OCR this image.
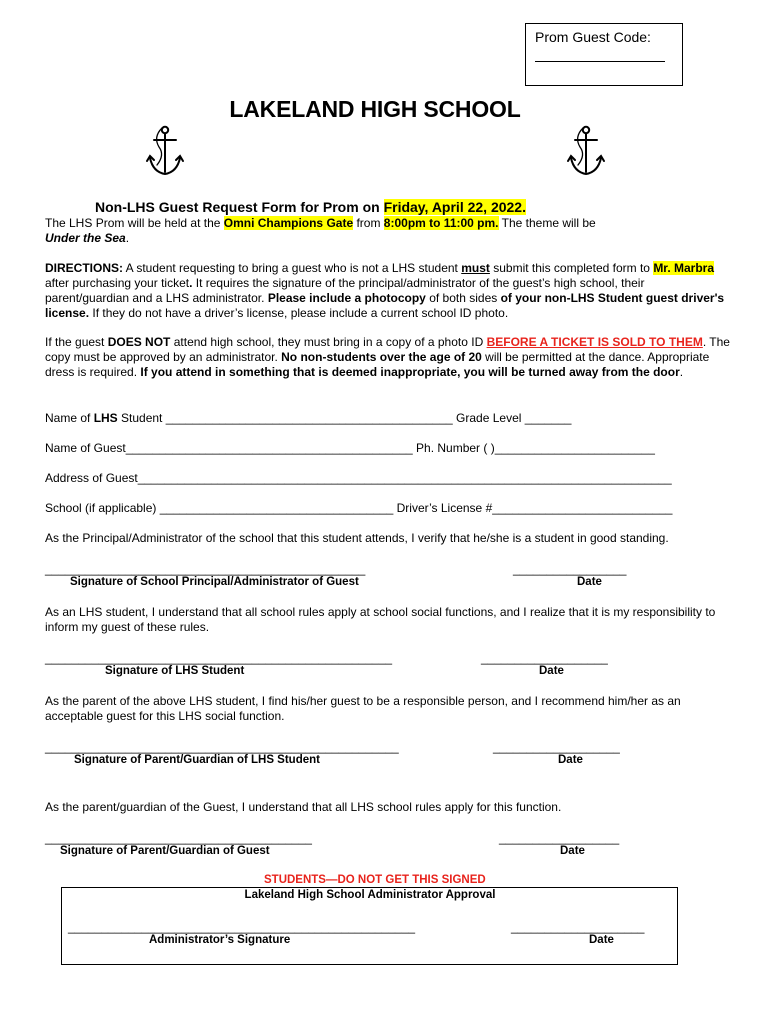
Prom Guest Code:
LAKELAND HIGH SCHOOL
Non-LHS Guest Request Form for Prom on Friday, April 22, 2022.
The LHS Prom will be held at the Omni Champions Gate from 8:00pm to 11:00 pm. The theme will be
Under the Sea.
DIRECTIONS: A student requesting to bring a guest who is not a LHS student must submit this completed form to Mr. Marbra after purchasing your ticket. It requires the signature of the principal/administrator of the guest’s high school, their parent/guardian and a LHS administrator. Please include a photocopy of both sides of your non-LHS Student guest driver's license. If they do not have a driver’s license, please include a current school ID photo.
If the guest DOES NOT attend high school, they must bring in a copy of a photo ID BEFORE A TICKET IS SOLD TO THEM. The copy must be approved by an administrator. No non-students over the age of 20 will be permitted at the dance. Appropriate dress is required. If you attend in something that is deemed inappropriate, you will be turned away from the door.
Name of LHS Student ___________________________________________ Grade Level _______
Name of Guest___________________________________________ Ph. Number ( )________________________
Address of Guest________________________________________________________________________________
School (if applicable) ___________________________________ Driver’s License #___________________________
As the Principal/Administrator of the school that this student attends, I verify that he/she is a student in good standing.
________________________________________________
Signature of School Principal/Administrator of Guest
_________________
Date
As an LHS student, I understand that all school rules apply at school social functions, and I realize that it is my responsibility to inform my guest of these rules.
____________________________________________________
Signature of LHS Student
___________________
Date
As the parent of the above LHS student, I find his/her guest to be a responsible person, and I recommend him/her as an acceptable guest for this LHS social function.
_____________________________________________________
Signature of Parent/Guardian of LHS Student
___________________
Date
As the parent/guardian of the Guest, I understand that all LHS school rules apply for this function.
________________________________________
Signature of Parent/Guardian of Guest
__________________
Date
STUDENTS—DO NOT GET THIS SIGNED
Lakeland High School Administrator Approval
____________________________________________________
Administrator’s Signature
____________________
Date
